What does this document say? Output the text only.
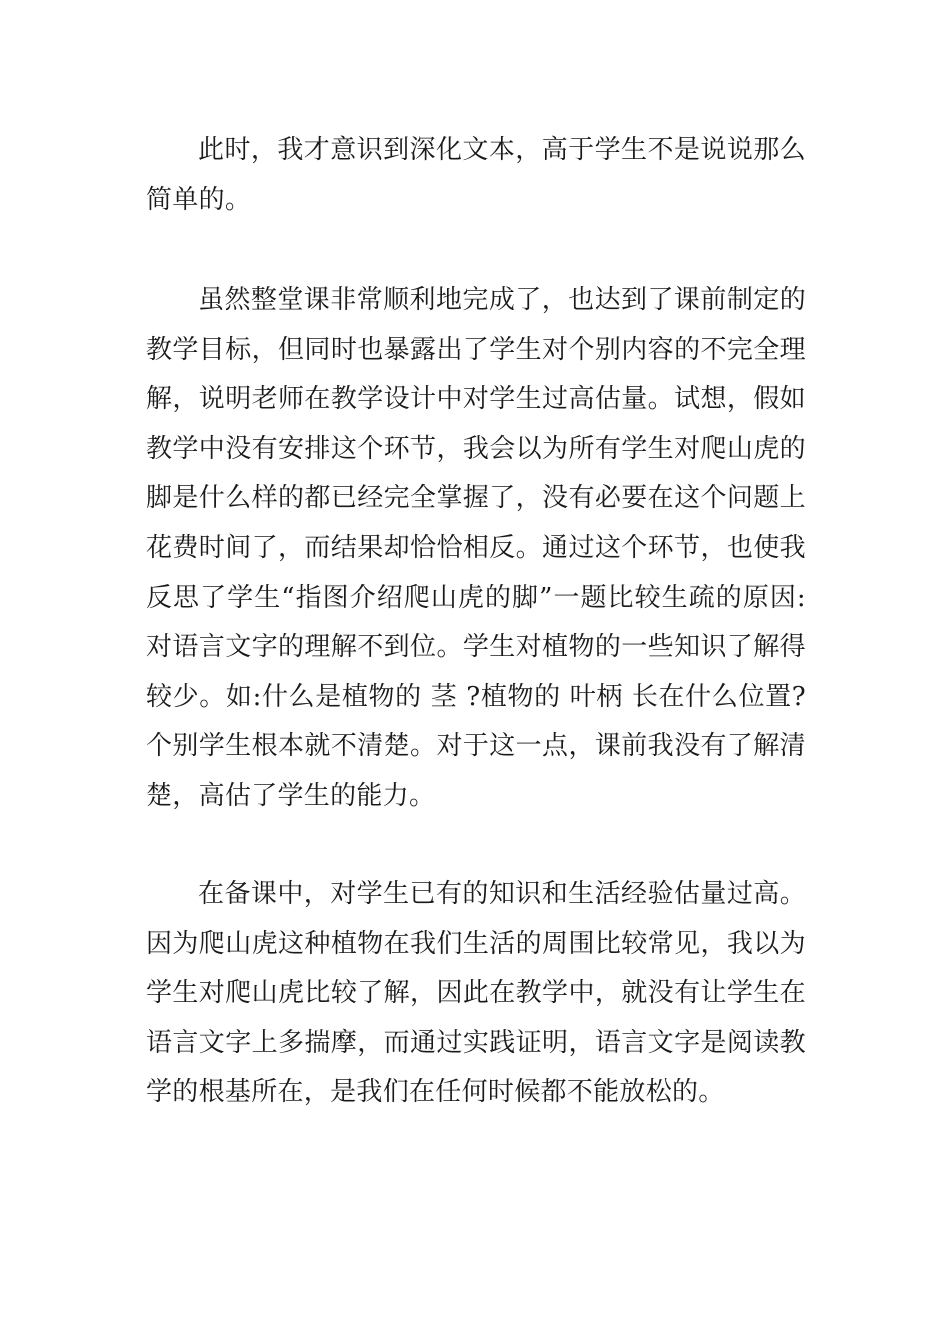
此时，我才意识到深化文本，高于学生不是说说那么简单的。

虽然整堂课非常顺利地完成了，也达到了课前制定的教学目标，但同时也暴露出了学生对个别内容的不完全理解，说明老师在教学设计中对学生过高估量。试想，假如教学中没有安排这个环节，我会以为所有学生对爬山虎的脚是什么样的都已经完全掌握了，没有必要在这个问题上花费时间了，而结果却恰恰相反。通过这个环节，也使我反思了学生“指图介绍爬山虎的脚”一题比较生疏的原因:对语言文字的理解不到位。学生对植物的一些知识了解得较少。如:什么是植物的 茎 ?植物的 叶柄 长在什么位置?个别学生根本就不清楚。对于这一点，课前我没有了解清楚，高估了学生的能力。

在备课中，对学生已有的知识和生活经验估量过高。因为爬山虎这种植物在我们生活的周围比较常见，我以为学生对爬山虎比较了解，因此在教学中，就没有让学生在语言文字上多揣摩，而通过实践证明，语言文字是阅读教学的根基所在，是我们在任何时候都不能放松的。
